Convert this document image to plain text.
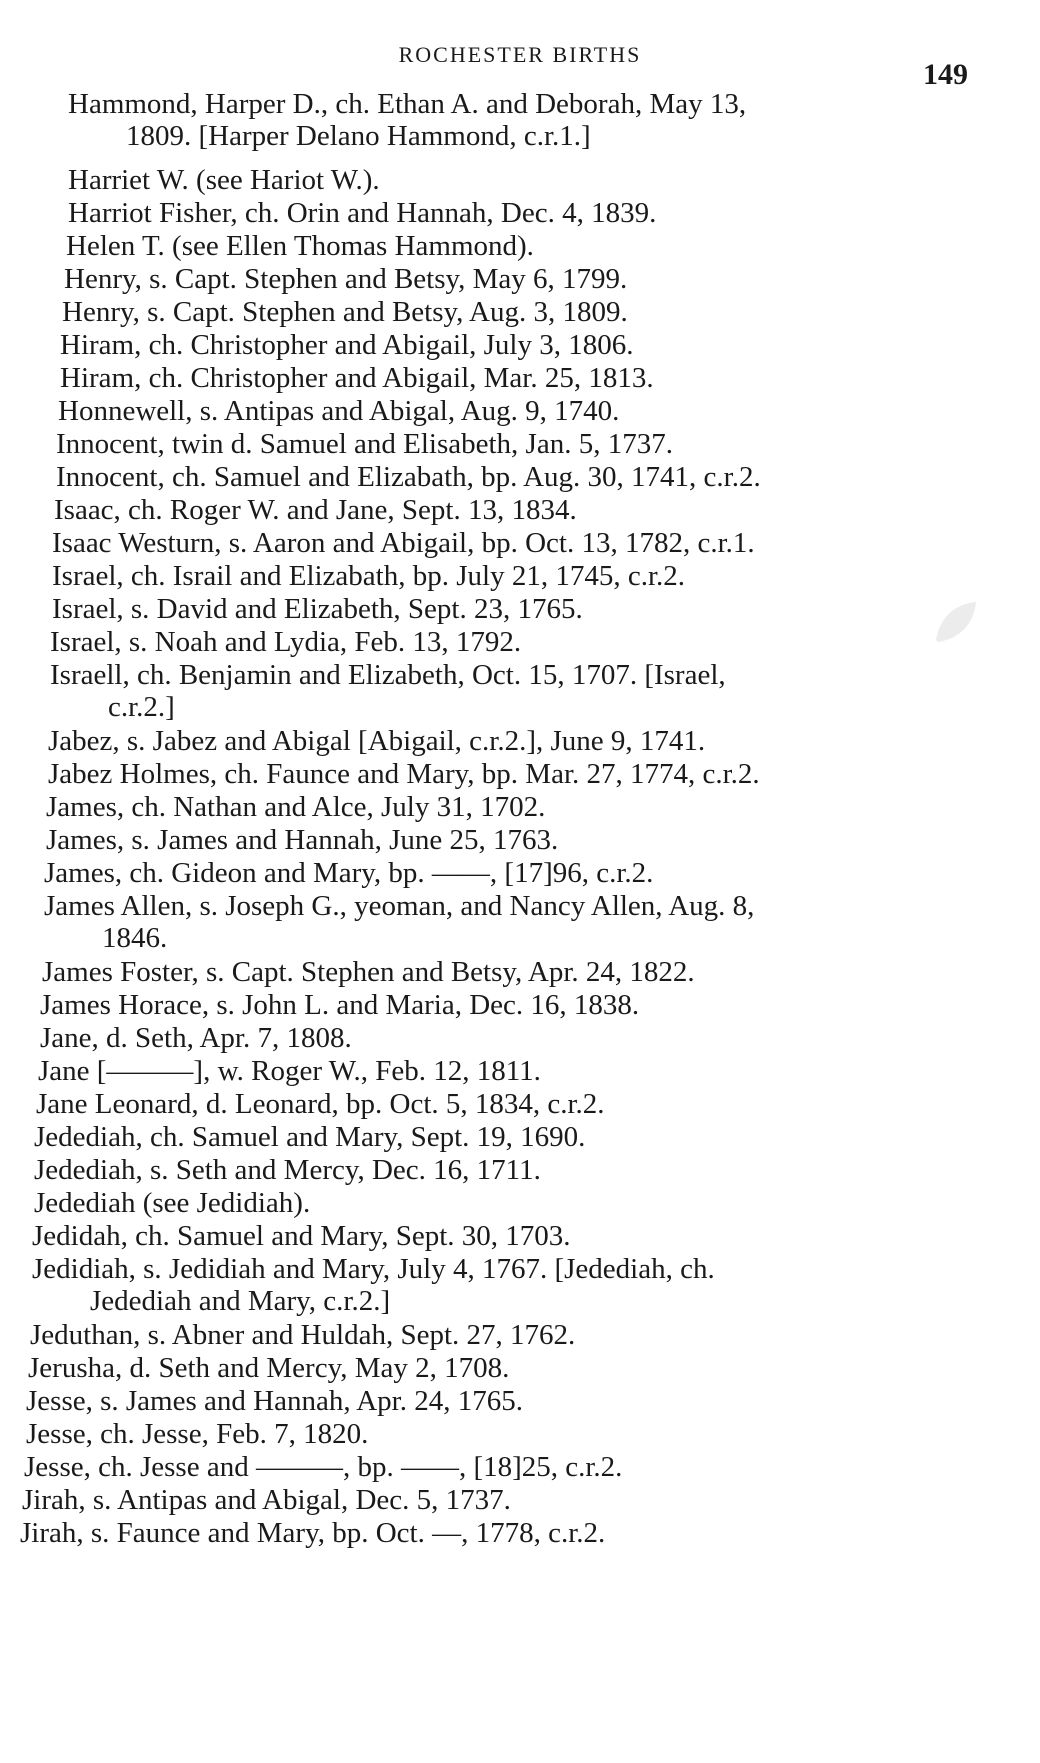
ROCHESTER BIRTHS
149
Hammond, Harper D., ch. Ethan A. and Deborah, May 13,
1809. [Harper Delano Hammond, c.r.1.]
Harriet W. (see Hariot W.).
Harriot Fisher, ch. Orin and Hannah, Dec. 4, 1839.
Helen T. (see Ellen Thomas Hammond).
Henry, s. Capt. Stephen and Betsy, May 6, 1799.
Henry, s. Capt. Stephen and Betsy, Aug. 3, 1809.
Hiram, ch. Christopher and Abigail, July 3, 1806.
Hiram, ch. Christopher and Abigail, Mar. 25, 1813.
Honnewell, s. Antipas and Abigal, Aug. 9, 1740.
Innocent, twin d. Samuel and Elisabeth, Jan. 5, 1737.
Innocent, ch. Samuel and Elizabath, bp. Aug. 30, 1741, c.r.2.
Isaac, ch. Roger W. and Jane, Sept. 13, 1834.
Isaac Westurn, s. Aaron and Abigail, bp. Oct. 13, 1782, c.r.1.
Israel, ch. Israil and Elizabath, bp. July 21, 1745, c.r.2.
Israel, s. David and Elizabeth, Sept. 23, 1765.
Israel, s. Noah and Lydia, Feb. 13, 1792.
Israell, ch. Benjamin and Elizabeth, Oct. 15, 1707. [Israel,
c.r.2.]
Jabez, s. Jabez and Abigal [Abigail, c.r.2.], June 9, 1741.
Jabez Holmes, ch. Faunce and Mary, bp. Mar. 27, 1774, c.r.2.
James, ch. Nathan and Alce, July 31, 1702.
James, s. James and Hannah, June 25, 1763.
James, ch. Gideon and Mary, bp. ——, [17]96, c.r.2.
James Allen, s. Joseph G., yeoman, and Nancy Allen, Aug. 8,
1846.
James Foster, s. Capt. Stephen and Betsy, Apr. 24, 1822.
James Horace, s. John L. and Maria, Dec. 16, 1838.
Jane, d. Seth, Apr. 7, 1808.
Jane [———], w. Roger W., Feb. 12, 1811.
Jane Leonard, d. Leonard, bp. Oct. 5, 1834, c.r.2.
Jedediah, ch. Samuel and Mary, Sept. 19, 1690.
Jedediah, s. Seth and Mercy, Dec. 16, 1711.
Jedediah (see Jedidiah).
Jedidah, ch. Samuel and Mary, Sept. 30, 1703.
Jedidiah, s. Jedidiah and Mary, July 4, 1767. [Jedediah, ch.
Jedediah and Mary, c.r.2.]
Jeduthan, s. Abner and Huldah, Sept. 27, 1762.
Jerusha, d. Seth and Mercy, May 2, 1708.
Jesse, s. James and Hannah, Apr. 24, 1765.
Jesse, ch. Jesse, Feb. 7, 1820.
Jesse, ch. Jesse and ———, bp. ——, [18]25, c.r.2.
Jirah, s. Antipas and Abigal, Dec. 5, 1737.
Jirah, s. Faunce and Mary, bp. Oct. —, 1778, c.r.2.
